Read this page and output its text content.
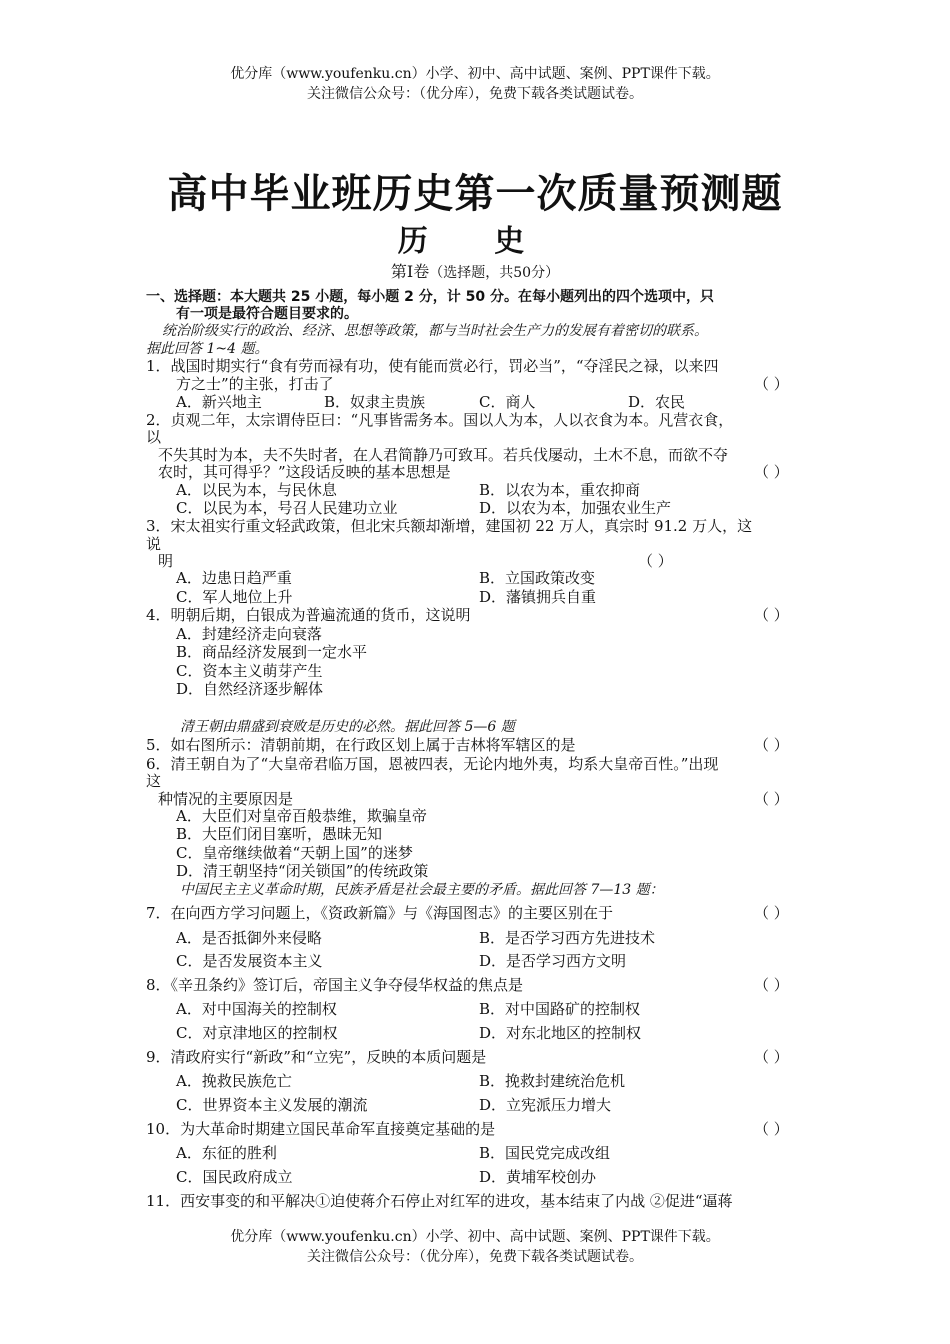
优分库（www.youfenku.cn）小学、初中、高中试题、案例、PPT课件下载。
关注微信公众号：（优分库），免费下载各类试题试卷。
高中毕业班历史第一次质量预测题
历 史
第Ⅰ卷（选择题，共50分）
一、选择题：本大题共 25 小题，每小题 2 分，计 50 分。在每小题列出的四个选项中，只
有一项是最符合题目要求的。
统治阶级实行的政治、经济、思想等政策，都与当时社会生产力的发展有着密切的联系。
据此回答 1~4 题。
1．战国时期实行“食有劳而禄有功，使有能而赏必行，罚必当”，“夺淫民之禄，以来四
方之士”的主张，打击了	（ ）
A．新兴地主	B．奴隶主贵族	C．商人	D．农民
2．贞观二年，太宗谓侍臣曰：“凡事皆需务本。国以人为本，人以衣食为本。凡营衣食，
以
不失其时为本，夫不失时者，在人君简静乃可致耳。若兵伐屡动，土木不息，而欲不夺
农时，其可得乎？”这段话反映的基本思想是	（ ）
A．以民为本，与民休息	B．以农为本，重农抑商
C．以民为本，号召人民建功立业	D．以农为本，加强农业生产
3．宋太祖实行重文轻武政策，但北宋兵额却渐增，建国初 22 万人，真宗时 91.2 万人，这
说
明	（ ）
A．边患日趋严重	B．立国政策改变
C．军人地位上升	D．藩镇拥兵自重
4．明朝后期，白银成为普遍流通的货币，这说明	（ ）
A．封建经济走向衰落
B．商品经济发展到一定水平
C．资本主义萌芽产生
D．自然经济逐步解体
清王朝由鼎盛到衰败是历史的必然。据此回答 5—6 题
5．如右图所示：清朝前期，在行政区划上属于吉林将军辖区的是	（ ）
6．清王朝自为了“大皇帝君临万国，恩被四表，无论内地外夷，均系大皇帝百性。”出现
这
种情况的主要原因是	（ ）
A．大臣们对皇帝百般恭维，欺骗皇帝
B．大臣们闭目塞听，愚昧无知
C．皇帝继续做着“天朝上国”的迷梦
D．清王朝坚持“闭关锁国”的传统政策
中国民主主义革命时期，民族矛盾是社会最主要的矛盾。据此回答 7—13 题：
7．在向西方学习问题上，《资政新篇》与《海国图志》的主要区别在于	（ ）
A．是否抵御外来侵略	B．是否学习西方先进技术
C．是否发展资本主义	D．是否学习西方文明
8．《辛丑条约》签订后，帝国主义争夺侵华权益的焦点是	（ ）
A．对中国海关的控制权	B．对中国路矿的控制权
C．对京津地区的控制权	D．对东北地区的控制权
9．清政府实行“新政”和“立宪”，反映的本质问题是	（ ）
A．挽救民族危亡	B．挽救封建统治危机
C．世界资本主义发展的潮流	D．立宪派压力增大
10．为大革命时期建立国民革命军直接奠定基础的是	（ ）
A．东征的胜利	B．国民党完成改组
C．国民政府成立	D．黄埔军校创办
11．西安事变的和平解决①迫使蒋介石停止对红军的进攻，基本结束了内战 ②促进“逼蒋
优分库（www.youfenku.cn）小学、初中、高中试题、案例、PPT课件下载。
关注微信公众号：（优分库），免费下载各类试题试卷。
